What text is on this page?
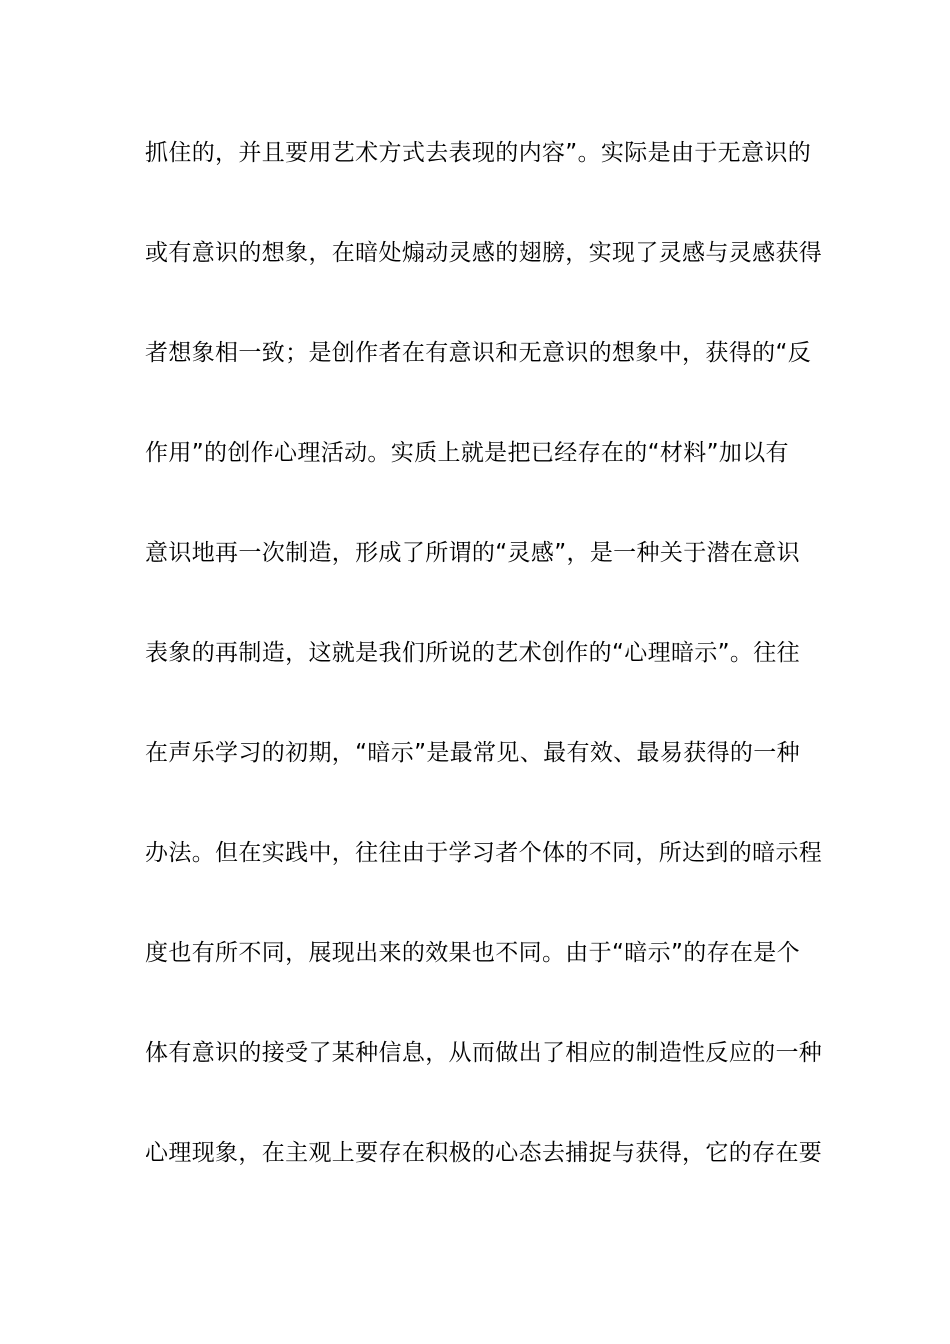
抓住的，并且要用艺术方式去表现的内容”。实际是由于无意识的
或有意识的想象，在暗处煽动灵感的翅膀，实现了灵感与灵感获得
者想象相一致；是创作者在有意识和无意识的想象中，获得的“反
作用”的创作心理活动。实质上就是把已经存在的“材料”加以有
意识地再一次制造，形成了所谓的“灵感”，是一种关于潜在意识
表象的再制造，这就是我们所说的艺术创作的“心理暗示”。往往
在声乐学习的初期，“暗示”是最常见、最有效、最易获得的一种
办法。但在实践中，往往由于学习者个体的不同，所达到的暗示程
度也有所不同，展现出来的效果也不同。由于“暗示”的存在是个
体有意识的接受了某种信息，从而做出了相应的制造性反应的一种
心理现象，在主观上要存在积极的心态去捕捉与获得，它的存在要
